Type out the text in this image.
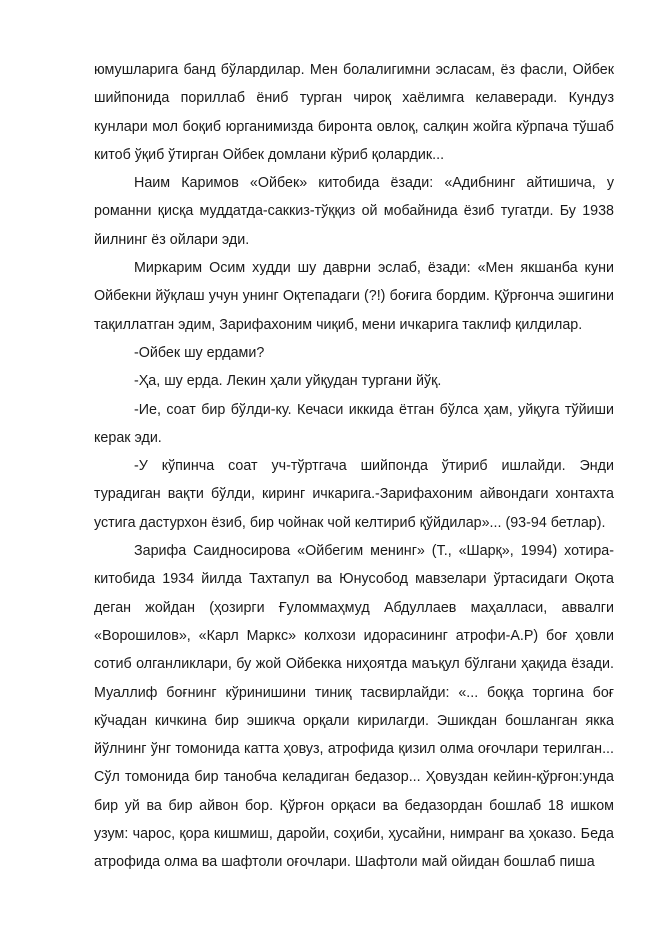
юмушларига банд бўлардилар. Мен болалигимни эсласам, ёз фасли, Ойбек шийпонида пориллаб ёниб турган чироқ хаёлимга келаверади. Кундуз кунлари мол боқиб юрганимизда биронта овлоқ, салқин жойга кўрпача тўшаб китоб ўқиб ўтирган Ойбек домлани кўриб қолардик...

Наим Каримов «Ойбек» китобида ёзади: «Адибнинг айтишича, у романни қисқа муддатда-саккиз-тўққиз ой мобайнида ёзиб тугатди. Бу 1938 йилнинг ёз ойлари эди.

Миркарим Осим худди шу даврни эслаб, ёзади: «Мен якшанба куни Ойбекни йўқлаш учун унинг Оқтепадаги (?!) боғига бордим. Қўрғонча эшигини тақиллатган эдим, Зарифахоним чиқиб, мени ичкарига таклиф қилдилар.

-Ойбек шу ердами?

-Ҳа, шу ерда. Лекин ҳали уйқудан тургани йўқ.

-Ие, соат бир бўлди-ку. Кечаси иккида ётган бўлса ҳам, уйқуга тўйиши керак эди.

-У кўпинча соат уч-тўртгача шийпонда ўтириб ишлайди. Энди турадиган вақти бўлди, киринг ичкарига.-Зарифахоним айвондаги хонтахта устига дастурхон ёзиб, бир чойнак чой келтириб қўйдилар»... (93-94 бетлар).

Зарифа Саидносирова «Ойбегим менинг» (Т., «Шарқ», 1994) хотира-китобида 1934 йилда Тахтапул ва Юнусобод мавзелари ўртасидаги Оқота деган жойдан (ҳозирги Ғуломмаҳмуд Абдуллаев маҳалласи, аввалги «Ворошилов», «Карл Маркс» колхози идорасининг атрофи-А.Р) боғ ҳовли сотиб олганликлари, бу жой Ойбекка ниҳоятда маъқул бўлгани ҳақида ёзади. Муаллиф боғнинг кўринишини тиниқ тасвирлайди: «... боққа торгина боғ кўчадан кичкина бир эшикча орқали кирилarди. Эшикдан бошланган якка йўлнинг ўнг томонида катта ҳовуз, атрофида қизил олма оғочлари терилган... Сўл томонида бир танобча келадиган бедазор... Ҳовуздан кейин-қўрғон:унда бир уй ва бир айвон бор. Қўрғон орқаси ва бедазордан бошлаб 18 ишком узум: чарос, қора кишмиш, даройи, соҳиби, ҳусайни, нимранг ва ҳоказо. Беда атрофида олма ва шафтоли оғочлари. Шафтоли май ойидан бошлаб пиша
